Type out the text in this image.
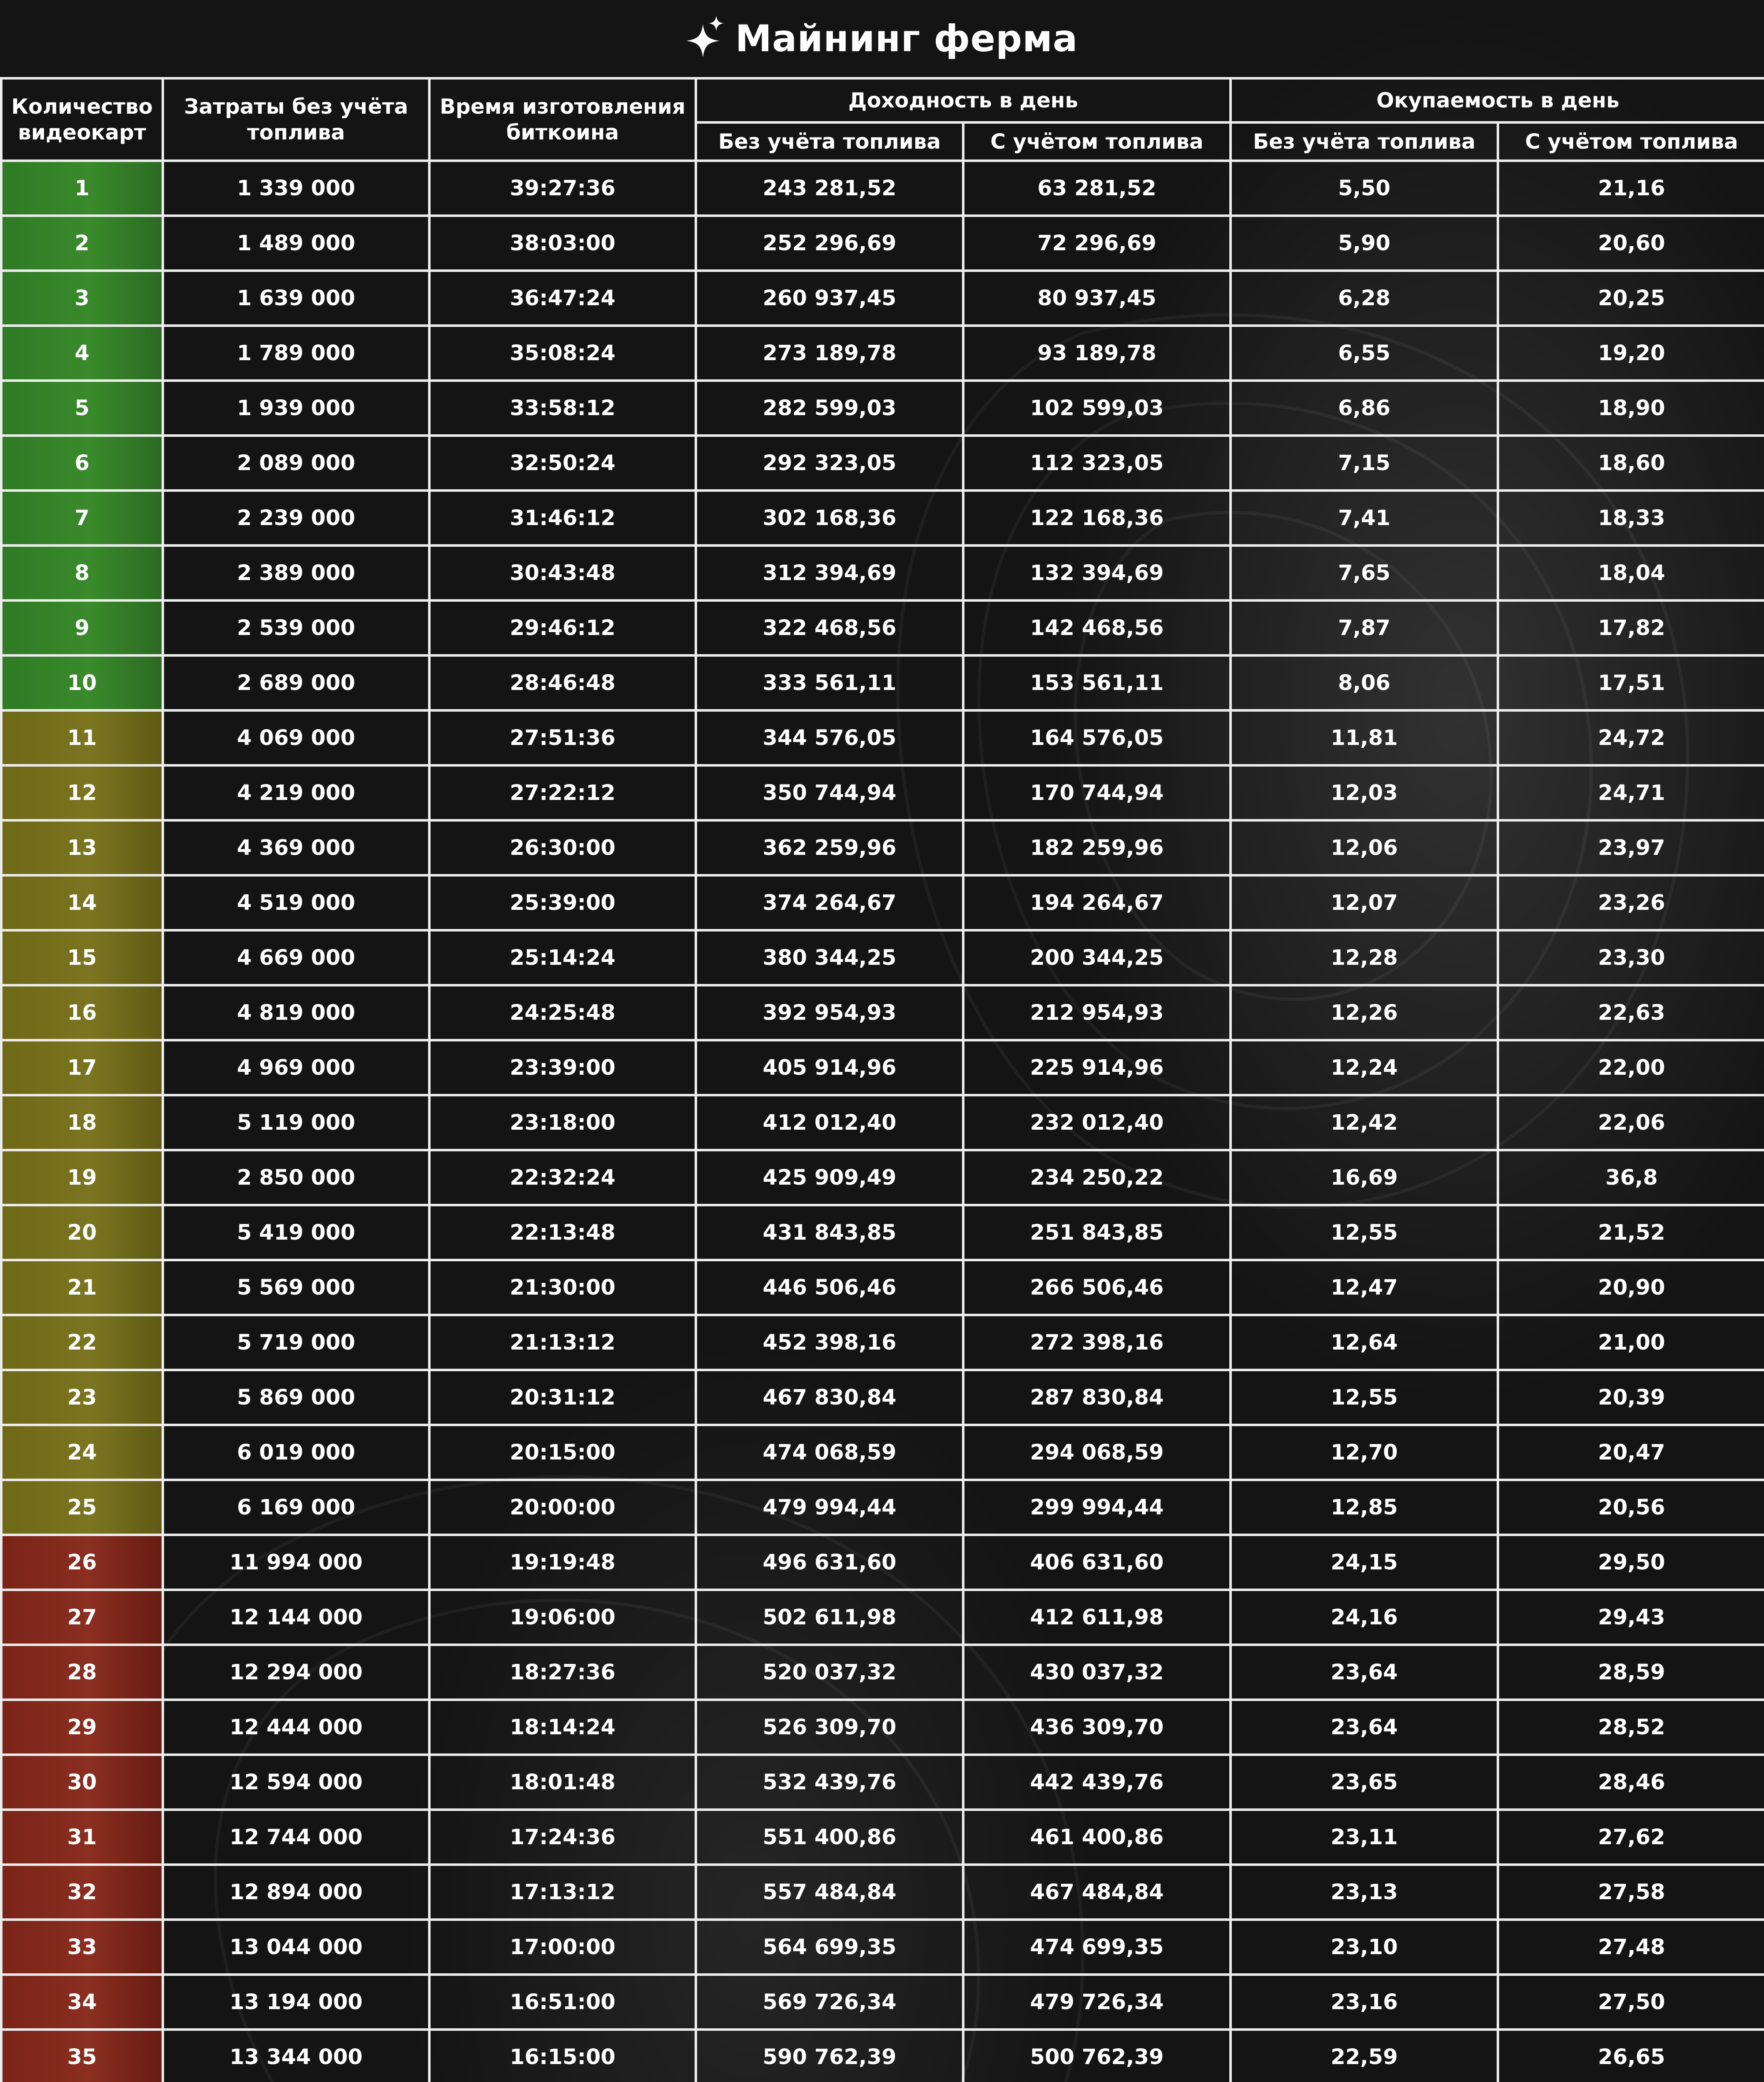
Майнинг ферма
Количество видеокарт	Затраты без учёта топлива	Время изготовления биткоина	Доходность в день		Окупаемость в день	
			Без учёта топлива	С учётом топлива	Без учёта топлива	С учётом топлива
1	1 339 000	39:27:36	243 281,52	63 281,52	5,50	21,16
2	1 489 000	38:03:00	252 296,69	72 296,69	5,90	20,60
3	1 639 000	36:47:24	260 937,45	80 937,45	6,28	20,25
4	1 789 000	35:08:24	273 189,78	93 189,78	6,55	19,20
5	1 939 000	33:58:12	282 599,03	102 599,03	6,86	18,90
6	2 089 000	32:50:24	292 323,05	112 323,05	7,15	18,60
7	2 239 000	31:46:12	302 168,36	122 168,36	7,41	18,33
8	2 389 000	30:43:48	312 394,69	132 394,69	7,65	18,04
9	2 539 000	29:46:12	322 468,56	142 468,56	7,87	17,82
10	2 689 000	28:46:48	333 561,11	153 561,11	8,06	17,51
11	4 069 000	27:51:36	344 576,05	164 576,05	11,81	24,72
12	4 219 000	27:22:12	350 744,94	170 744,94	12,03	24,71
13	4 369 000	26:30:00	362 259,96	182 259,96	12,06	23,97
14	4 519 000	25:39:00	374 264,67	194 264,67	12,07	23,26
15	4 669 000	25:14:24	380 344,25	200 344,25	12,28	23,30
16	4 819 000	24:25:48	392 954,93	212 954,93	12,26	22,63
17	4 969 000	23:39:00	405 914,96	225 914,96	12,24	22,00
18	5 119 000	23:18:00	412 012,40	232 012,40	12,42	22,06
19	2 850 000	22:32:24	425 909,49	234 250,22	16,69	36,8
20	5 419 000	22:13:48	431 843,85	251 843,85	12,55	21,52
21	5 569 000	21:30:00	446 506,46	266 506,46	12,47	20,90
22	5 719 000	21:13:12	452 398,16	272 398,16	12,64	21,00
23	5 869 000	20:31:12	467 830,84	287 830,84	12,55	20,39
24	6 019 000	20:15:00	474 068,59	294 068,59	12,70	20,47
25	6 169 000	20:00:00	479 994,44	299 994,44	12,85	20,56
26	11 994 000	19:19:48	496 631,60	406 631,60	24,15	29,50
27	12 144 000	19:06:00	502 611,98	412 611,98	24,16	29,43
28	12 294 000	18:27:36	520 037,32	430 037,32	23,64	28,59
29	12 444 000	18:14:24	526 309,70	436 309,70	23,64	28,52
30	12 594 000	18:01:48	532 439,76	442 439,76	23,65	28,46
31	12 744 000	17:24:36	551 400,86	461 400,86	23,11	27,62
32	12 894 000	17:13:12	557 484,84	467 484,84	23,13	27,58
33	13 044 000	17:00:00	564 699,35	474 699,35	23,10	27,48
34	13 194 000	16:51:00	569 726,34	479 726,34	23,16	27,50
35	13 344 000	16:15:00	590 762,39	500 762,39	22,59	26,65
